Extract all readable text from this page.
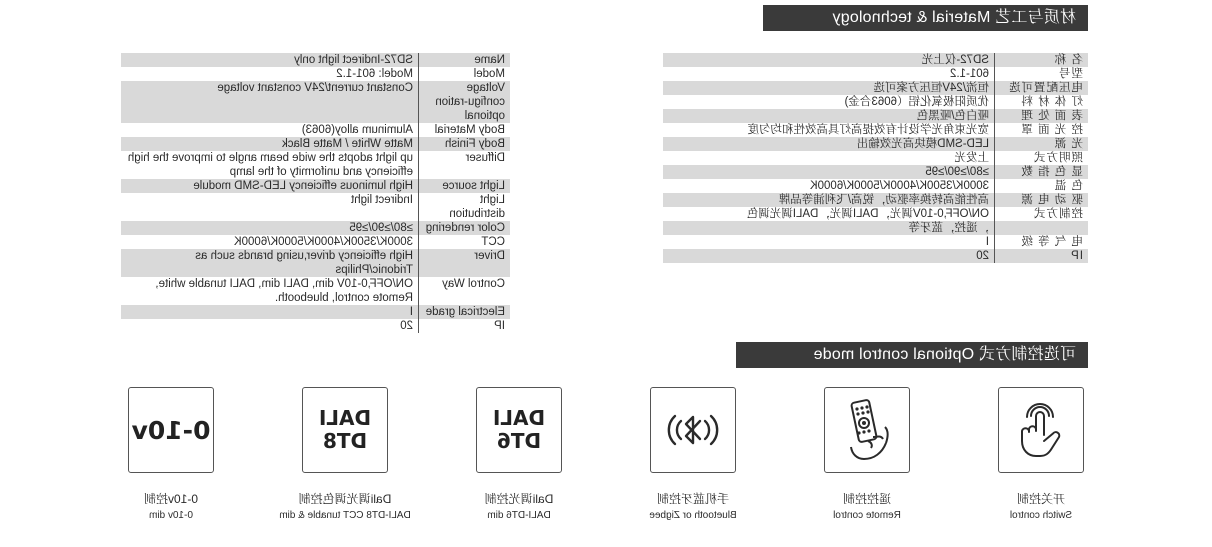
材质与工艺 Material & technology
名 称	SD72-仅上光
型号	601-1.2
电压配置可选	恒流/24V恒压方案可选
灯 体 材 料	优质阳极氧化铝（6063合金)
表 面 处 理	哑白色/哑黑色
控 光 面 罩	宽光束角光学设计有效提高灯具高效性和均匀度
光 源	LED-SMD模块高光效输出
照明方式	上发光
显 色 指 数	≥80/≥90/≥95
色 温	3000K/3500K/4000K/5000K/6000K
驱 动 电 源	高性能高转换率驱动，锐高/飞利浦等品牌
控制方式	ON/OFF,0-10V调光，DALI调光，DALI调光调色
	，遥控，蓝牙等
电 气 等 级	I
IP	20
Name	SD72-Indirect light only
Model	Model: 601-1.2
Voltage configu-ration optional	Constant current/24V constant voltage
Body Material	Aluminum alloy(6063)
Body Finish	Matte White / Matte Black
Diffuser	up light adopts the wide beam angle to improve the high efficiency and uniformity of the lamp
Light source	High luminous efficiency LED-SMD module
Light distribution	Indirect light
Color rendering	≥80/≥90/≥95
CCT	3000K/3500K/4000K/5000K/6000K
Driver	High efficiency driver,using brands such as Tridonic/Philips
Control Way	ON/OFF,0-10V dim, DALI dim, DALI tunable white, Remote control, bluebooth.
Electrical grade	I
IP	20
可选控制方式 Optional control mode
开关控制
Switch control
遥控控制
Remote control
手机蓝牙控制
Bluetooth or Zigbee
DALI
DT6
Dali调光控制
DALI-DT6 dim
DALI
DT8
Dali调光调色控制
DALI-DT8 CCT tunable & dim
0-10v
0-10v控制
0-10v dim
